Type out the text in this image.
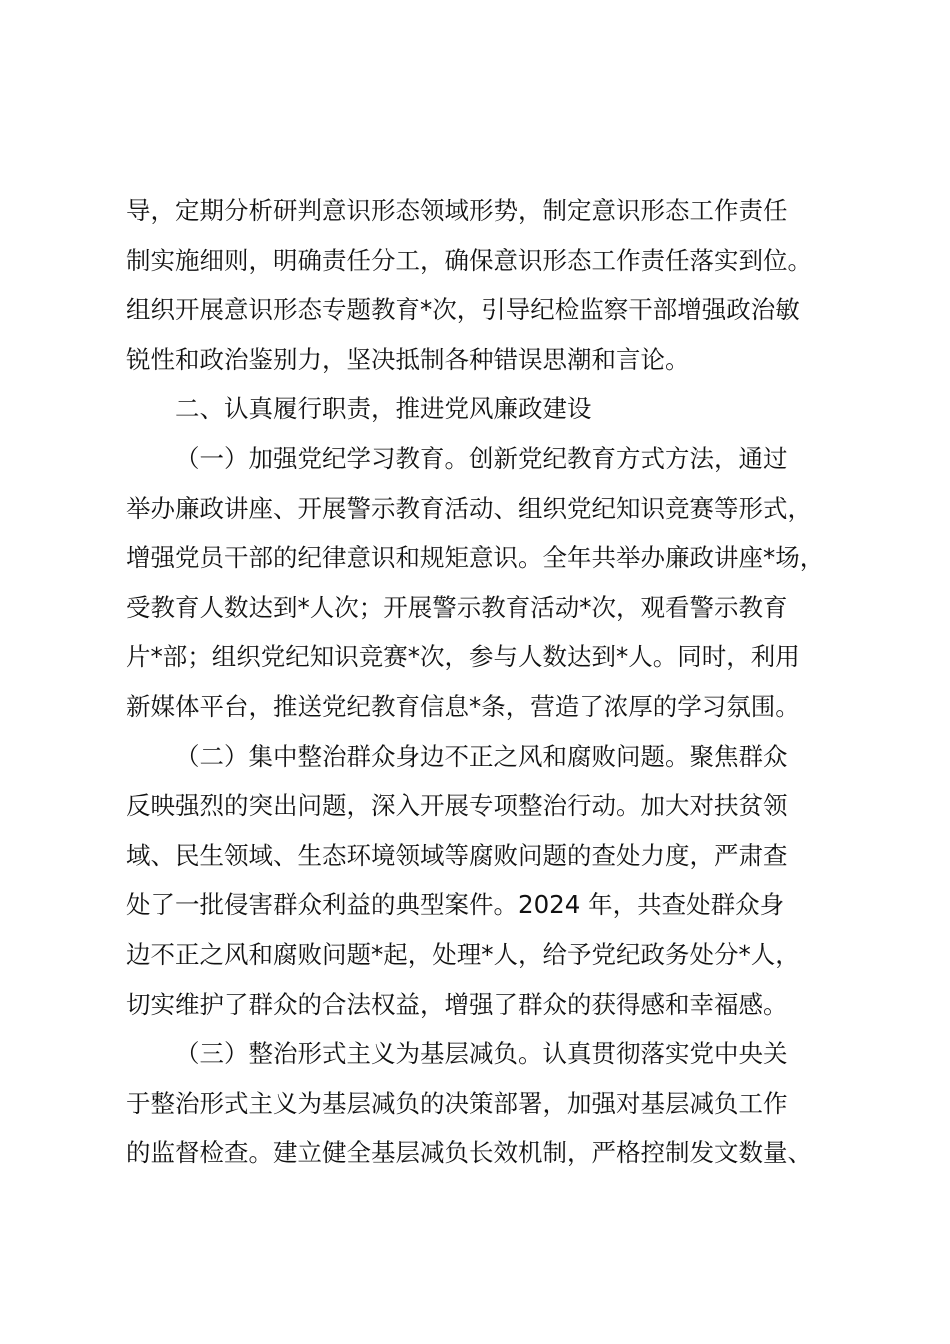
导，定期分析研判意识形态领域形势，制定意识形态工作责任
制实施细则，明确责任分工，确保意识形态工作责任落实到位。
组织开展意识形态专题教育*次，引导纪检监察干部增强政治敏
锐性和政治鉴别力，坚决抵制各种错误思潮和言论。
二、认真履行职责，推进党风廉政建设
（一）加强党纪学习教育。创新党纪教育方式方法，通过
举办廉政讲座、开展警示教育活动、组织党纪知识竞赛等形式，
增强党员干部的纪律意识和规矩意识。全年共举办廉政讲座*场，
受教育人数达到*人次；开展警示教育活动*次，观看警示教育
片*部；组织党纪知识竞赛*次，参与人数达到*人。同时，利用
新媒体平台，推送党纪教育信息*条，营造了浓厚的学习氛围。
（二）集中整治群众身边不正之风和腐败问题。聚焦群众
反映强烈的突出问题，深入开展专项整治行动。加大对扶贫领
域、民生领域、生态环境领域等腐败问题的查处力度，严肃查
处了一批侵害群众利益的典型案件。2024 年，共查处群众身
边不正之风和腐败问题*起，处理*人，给予党纪政务处分*人，
切实维护了群众的合法权益，增强了群众的获得感和幸福感。
（三）整治形式主义为基层减负。认真贯彻落实党中央关
于整治形式主义为基层减负的决策部署，加强对基层减负工作
的监督检查。建立健全基层减负长效机制，严格控制发文数量、
